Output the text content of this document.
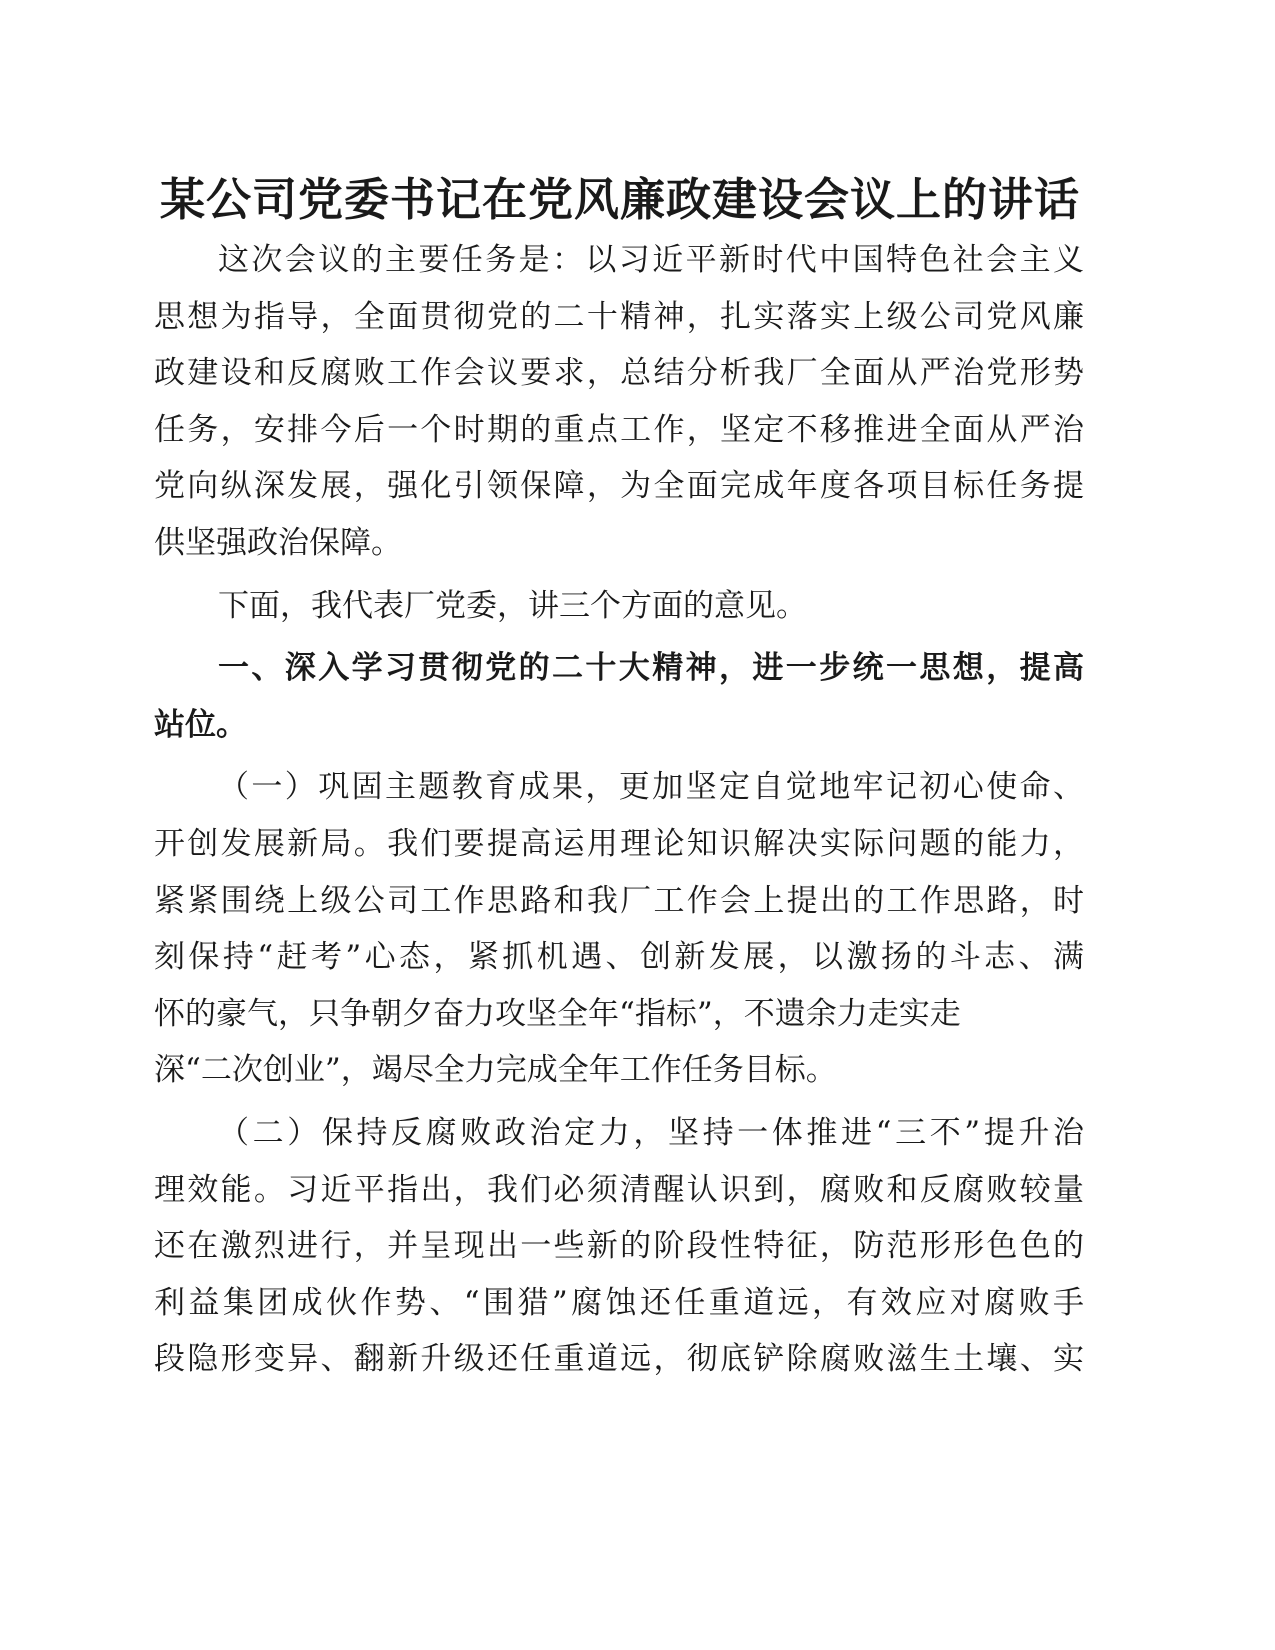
某公司党委书记在党风廉政建设会议上的讲话
这次会议的主要任务是：以习近平新时代中国特色社会主义
思想为指导，全面贯彻党的二十精神，扎实落实上级公司党风廉
政建设和反腐败工作会议要求，总结分析我厂全面从严治党形势
任务，安排今后一个时期的重点工作，坚定不移推进全面从严治
党向纵深发展，强化引领保障，为全面完成年度各项目标任务提
供坚强政治保障。
下面，我代表厂党委，讲三个方面的意见。
一、深入学习贯彻党的二十大精神，进一步统一思想，提高
站位。
（一）巩固主题教育成果，更加坚定自觉地牢记初心使命、
开创发展新局。我们要提高运用理论知识解决实际问题的能力，
紧紧围绕上级公司工作思路和我厂工作会上提出的工作思路，时
刻保持“赶考”心态，紧抓机遇、创新发展，以激扬的斗志、满
怀的豪气，只争朝夕奋力攻坚全年“指标”，不遗余力走实走
深“二次创业”，竭尽全力完成全年工作任务目标。
（二）保持反腐败政治定力，坚持一体推进“三不”提升治
理效能。习近平指出，我们必须清醒认识到，腐败和反腐败较量
还在激烈进行，并呈现出一些新的阶段性特征，防范形形色色的
利益集团成伙作势、“围猎”腐蚀还任重道远，有效应对腐败手
段隐形变异、翻新升级还任重道远，彻底铲除腐败滋生土壤、实
